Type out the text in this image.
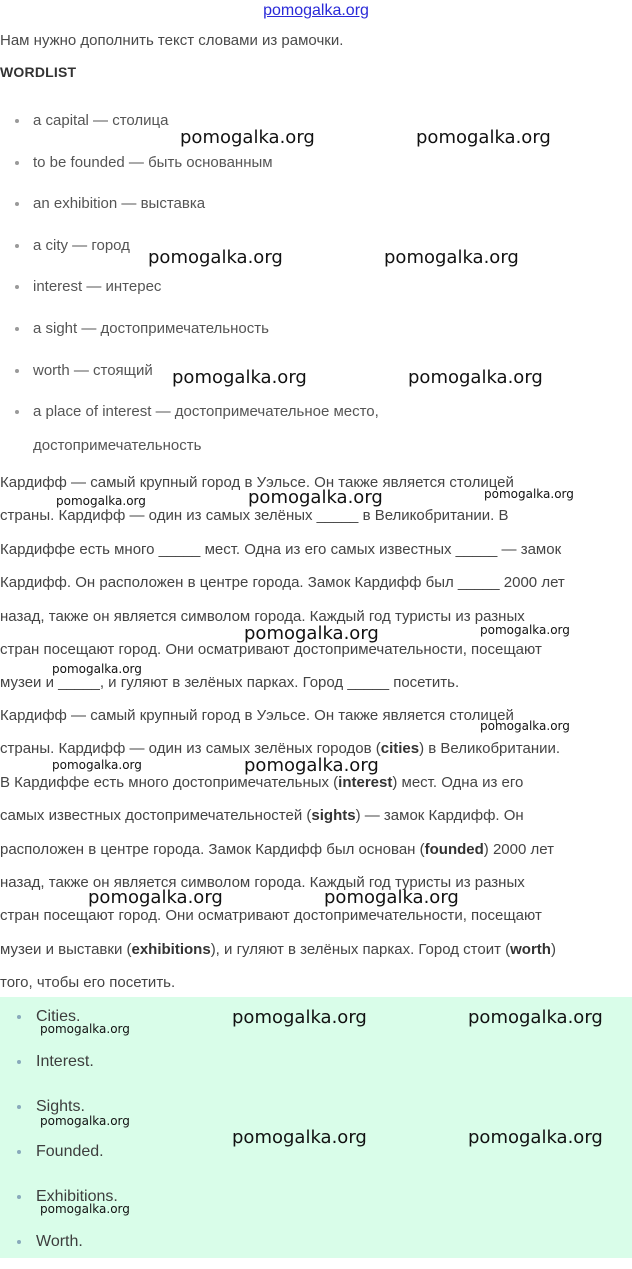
pomogalka.org
Нам нужно дополнить текст словами из рамочки.
WORDLIST
a capital — столица
to be founded — быть основанным
an exhibition — выставка
a city — город
interest — интерес
a sight — достопримечательность
worth — стоящий
a place of interest — достопримечательное место,
достопримечательность
Кардифф — самый крупный город в Уэльсе. Он также является столицей
страны. Кардифф — один из самых зелёных _____ в Великобритании. В
Кардиффе есть много _____ мест. Одна из его самых известных _____ — замок
Кардифф. Он расположен в центре города. Замок Кардифф был _____ 2000 лет
назад, также он является символом города. Каждый год туристы из разных
стран посещают город. Они осматривают достопримечательности, посещают
музеи и _____, и гуляют в зелёных парках. Город _____ посетить.
Кардифф — самый крупный город в Уэльсе. Он также является столицей
страны. Кардифф — один из самых зелёных городов (cities) в Великобритании.
В Кардиффе есть много достопримечательных (interest) мест. Одна из его
самых известных достопримечательностей (sights) — замок Кардифф. Он
расположен в центре города. Замок Кардифф был основан (founded) 2000 лет
назад, также он является символом города. Каждый год туристы из разных
стран посещают город. Они осматривают достопримечательности, посещают
музеи и выставки (exhibitions), и гуляют в зелёных парках. Город стоит (worth)
того, чтобы его посетить.
Cities.
Interest.
Sights.
Founded.
Exhibitions.
Worth.
pomogalka.org	pomogalka.org
pomogalka.org	pomogalka.org
pomogalka.org	pomogalka.org
pomogalka.org	pomogalka.org	pomogalka.org
pomogalka.org	pomogalka.org
pomogalka.org
pomogalka.org
pomogalka.org	pomogalka.org
pomogalka.org	pomogalka.org
pomogalka.org
pomogalka.org	pomogalka.org
pomogalka.org
pomogalka.org	pomogalka.org
pomogalka.org
